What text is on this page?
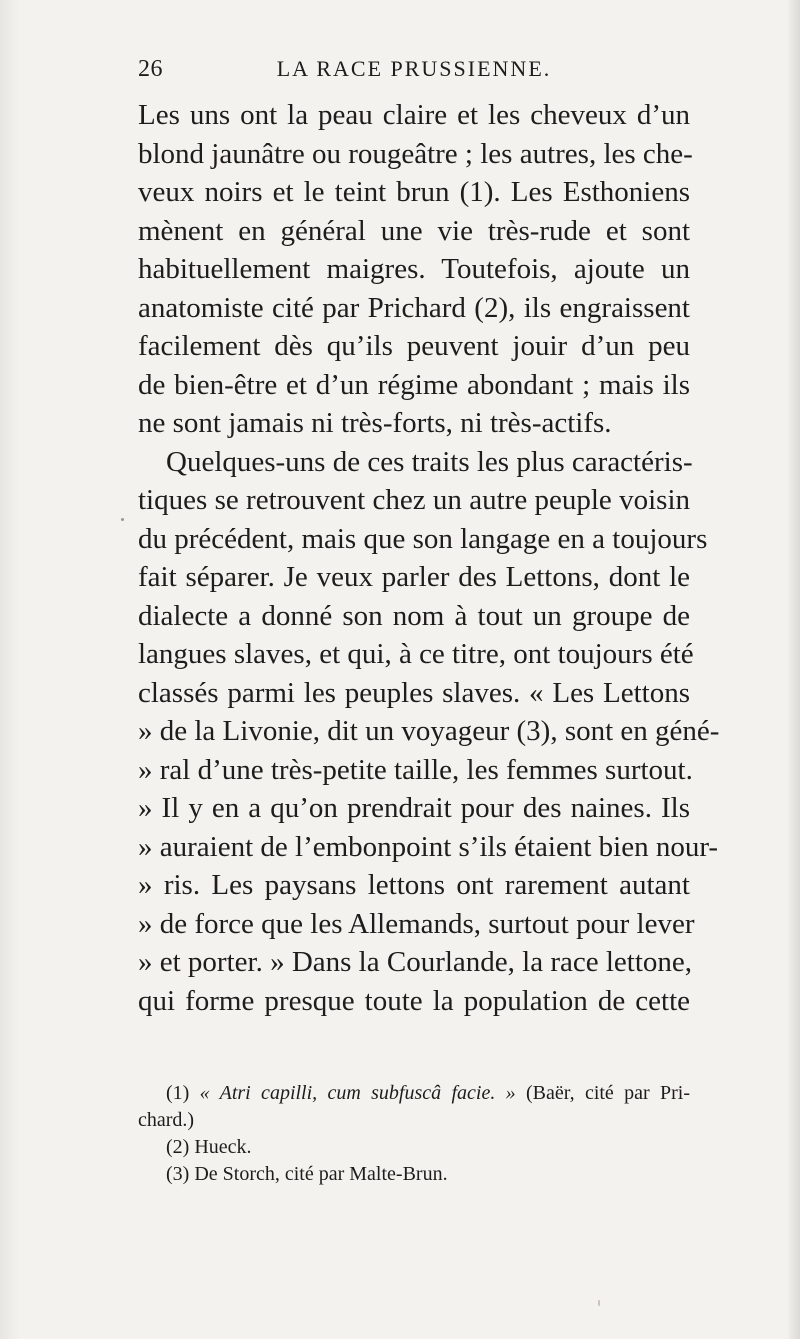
26	LA RACE PRUSSIENNE.
Les uns ont la peau claire et les cheveux d’un
blond jaunâtre ou rougeâtre ; les autres, les che-
veux noirs et le teint brun (1). Les Esthoniens
mènent en général une vie très-rude et sont
habituellement maigres. Toutefois, ajoute un
anatomiste cité par Prichard (2), ils engraissent
facilement dès qu’ils peuvent jouir d’un peu
de bien-être et d’un régime abondant ; mais ils
ne sont jamais ni très-forts, ni très-actifs.
Quelques-uns de ces traits les plus caractéris-
tiques se retrouvent chez un autre peuple voisin
du précédent, mais que son langage en a toujours
fait séparer. Je veux parler des Lettons, dont le
dialecte a donné son nom à tout un groupe de
langues slaves, et qui, à ce titre, ont toujours été
classés parmi les peuples slaves. « Les Lettons
» de la Livonie, dit un voyageur (3), sont en géné-
» ral d’une très-petite taille, les femmes surtout.
» Il y en a qu’on prendrait pour des naines. Ils
» auraient de l’embonpoint s’ils étaient bien nour-
» ris. Les paysans lettons ont rarement autant
» de force que les Allemands, surtout pour lever
» et porter. » Dans la Courlande, la race lettone,
qui forme presque toute la population de cette
(1) « Atri capilli, cum subfuscâ facie. » (Baër, cité par Pri-
chard.)
(2) Hueck.
(3) De Storch, cité par Malte-Brun.
